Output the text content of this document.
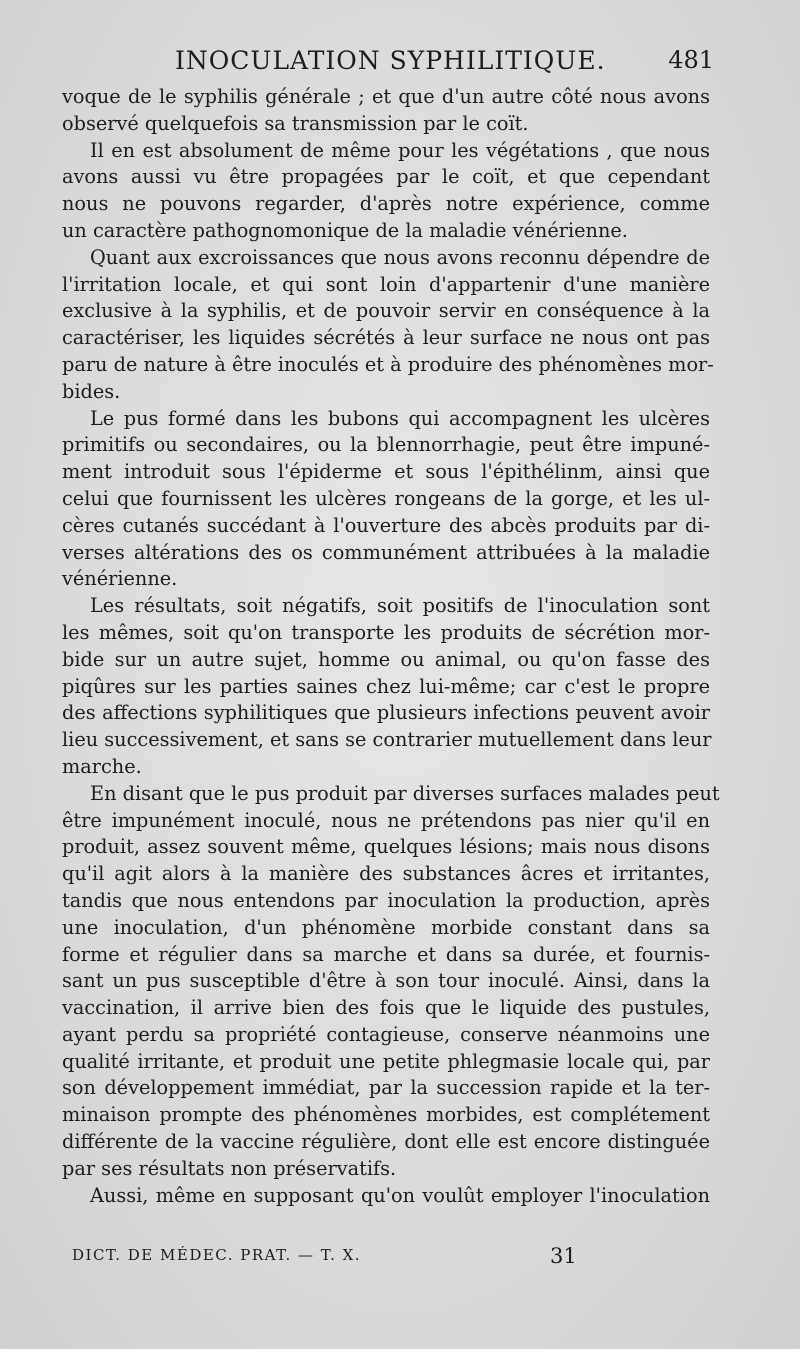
INOCULATION SYPHILITIQUE.	481
voque de le syphilis générale ; et que d'un autre côté nous avons
observé quelquefois sa transmission par le coït.
Il en est absolument de même pour les végétations , que nous
avons aussi vu être propagées par le coït, et que cependant
nous ne pouvons regarder, d'après notre expérience, comme
un caractère pathognomonique de la maladie vénérienne.
Quant aux excroissances que nous avons reconnu dépendre de
l'irritation locale, et qui sont loin d'appartenir d'une manière
exclusive à la syphilis, et de pouvoir servir en conséquence à la
caractériser, les liquides sécrétés à leur surface ne nous ont pas
paru de nature à être inoculés et à produire des phénomènes mor-
bides.
Le pus formé dans les bubons qui accompagnent les ulcères
primitifs ou secondaires, ou la blennorrhagie, peut être impuné-
ment introduit sous l'épiderme et sous l'épithélinm, ainsi que
celui que fournissent les ulcères rongeans de la gorge, et les ul-
cères cutanés succédant à l'ouverture des abcès produits par di-
verses altérations des os communément attribuées à la maladie
vénérienne.
Les résultats, soit négatifs, soit positifs de l'inoculation sont
les mêmes, soit qu'on transporte les produits de sécrétion mor-
bide sur un autre sujet, homme ou animal, ou qu'on fasse des
piqûres sur les parties saines chez lui-même; car c'est le propre
des affections syphilitiques que plusieurs infections peuvent avoir
lieu successivement, et sans se contrarier mutuellement dans leur
marche.
En disant que le pus produit par diverses surfaces malades peut
être impunément inoculé, nous ne prétendons pas nier qu'il en
produit, assez souvent même, quelques lésions; mais nous disons
qu'il agit alors à la manière des substances âcres et irritantes,
tandis que nous entendons par inoculation la production, après
une inoculation, d'un phénomène morbide constant dans sa
forme et régulier dans sa marche et dans sa durée, et fournis-
sant un pus susceptible d'être à son tour inoculé. Ainsi, dans la
vaccination, il arrive bien des fois que le liquide des pustules,
ayant perdu sa propriété contagieuse, conserve néanmoins une
qualité irritante, et produit une petite phlegmasie locale qui, par
son développement immédiat, par la succession rapide et la ter-
minaison prompte des phénomènes morbides, est complétement
différente de la vaccine régulière, dont elle est encore distinguée
par ses résultats non préservatifs.
Aussi, même en supposant qu'on voulût employer l'inoculation
DICT. DE MÉDEC. PRAT. — T. X.	31
